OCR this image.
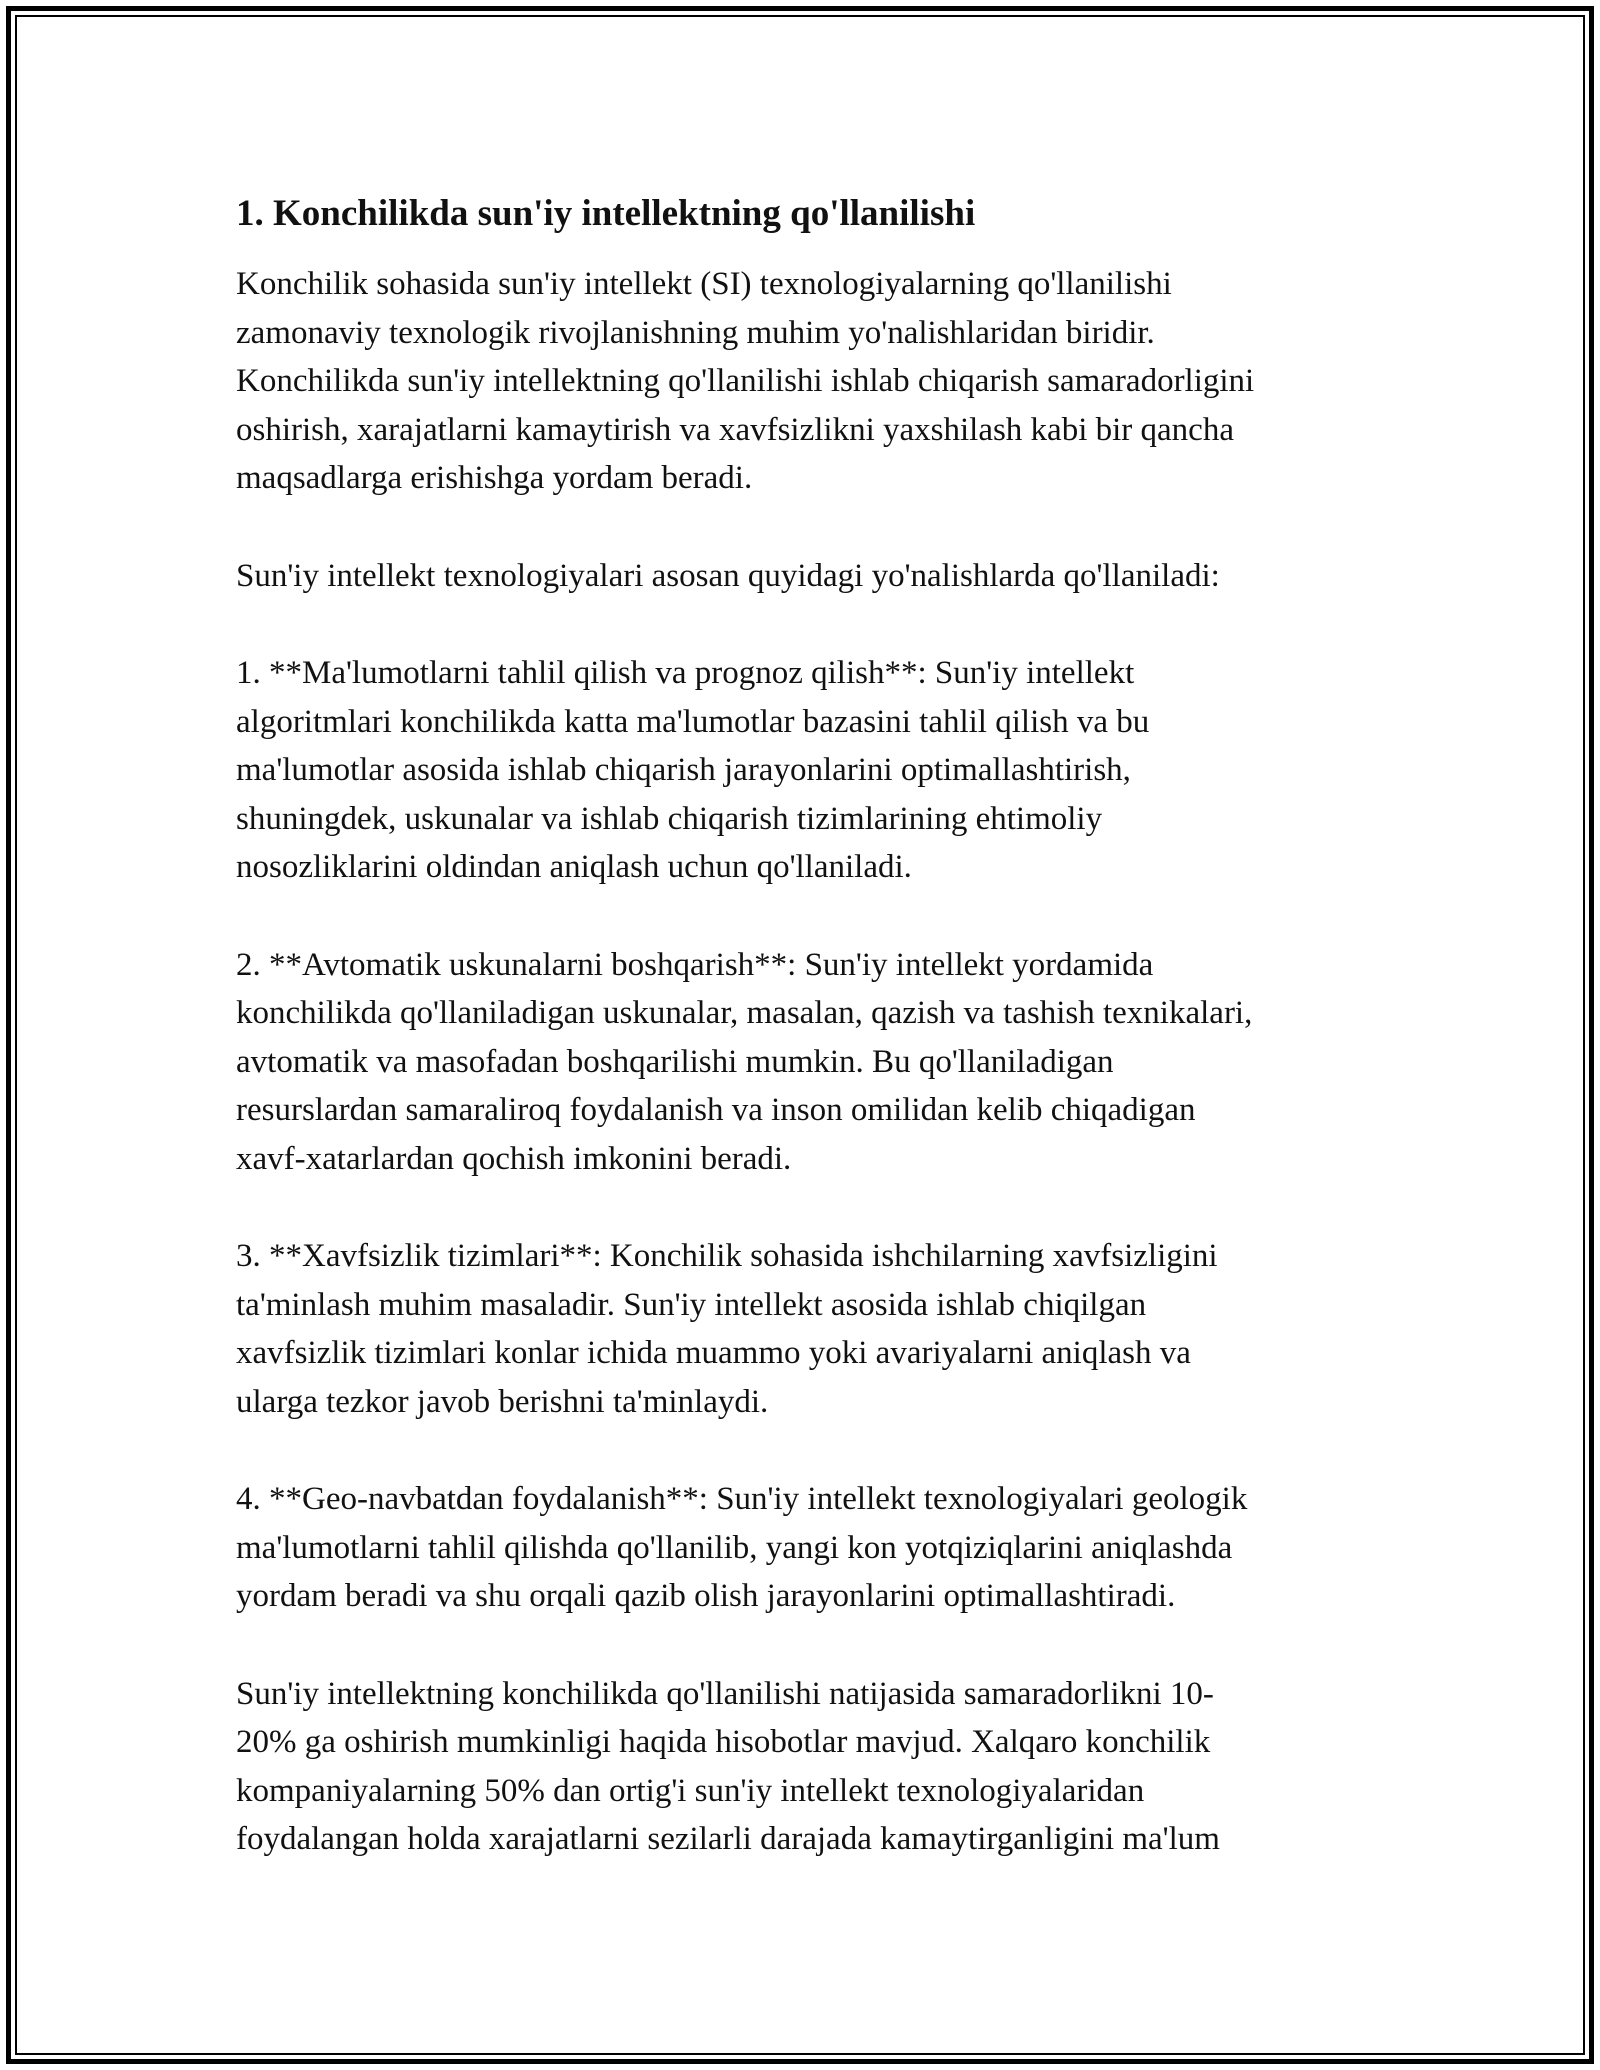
1. Konchilikda sun'iy intellektning qo'llanilishi

Konchilik sohasida sun'iy intellekt (SI) texnologiyalarning qo'llanilishi
zamonaviy texnologik rivojlanishning muhim yo'nalishlaridan biridir.
Konchilikda sun'iy intellektning qo'llanilishi ishlab chiqarish samaradorligini
oshirish, xarajatlarni kamaytirish va xavfsizlikni yaxshilash kabi bir qancha
maqsadlarga erishishga yordam beradi.

Sun'iy intellekt texnologiyalari asosan quyidagi yo'nalishlarda qo'llaniladi:

1. **Ma'lumotlarni tahlil qilish va prognoz qilish**: Sun'iy intellekt
algoritmlari konchilikda katta ma'lumotlar bazasini tahlil qilish va bu
ma'lumotlar asosida ishlab chiqarish jarayonlarini optimallashtirish,
shuningdek, uskunalar va ishlab chiqarish tizimlarining ehtimoliy
nosozliklarini oldindan aniqlash uchun qo'llaniladi.

2. **Avtomatik uskunalarni boshqarish**: Sun'iy intellekt yordamida
konchilikda qo'llaniladigan uskunalar, masalan, qazish va tashish texnikalari,
avtomatik va masofadan boshqarilishi mumkin. Bu qo'llaniladigan
resurslardan samaraliroq foydalanish va inson omilidan kelib chiqadigan
xavf-xatarlardan qochish imkonini beradi.

3. **Xavfsizlik tizimlari**: Konchilik sohasida ishchilarning xavfsizligini
ta'minlash muhim masaladir. Sun'iy intellekt asosida ishlab chiqilgan
xavfsizlik tizimlari konlar ichida muammo yoki avariyalarni aniqlash va
ularga tezkor javob berishni ta'minlaydi.

4. **Geo-navbatdan foydalanish**: Sun'iy intellekt texnologiyalari geologik
ma'lumotlarni tahlil qilishda qo'llanilib, yangi kon yotqiziqlarini aniqlashda
yordam beradi va shu orqali qazib olish jarayonlarini optimallashtiradi.

Sun'iy intellektning konchilikda qo'llanilishi natijasida samaradorlikni 10-
20% ga oshirish mumkinligi haqida hisobotlar mavjud. Xalqaro konchilik
kompaniyalarning 50% dan ortig'i sun'iy intellekt texnologiyalaridan
foydalangan holda xarajatlarni sezilarli darajada kamaytirganligini ma'lum
